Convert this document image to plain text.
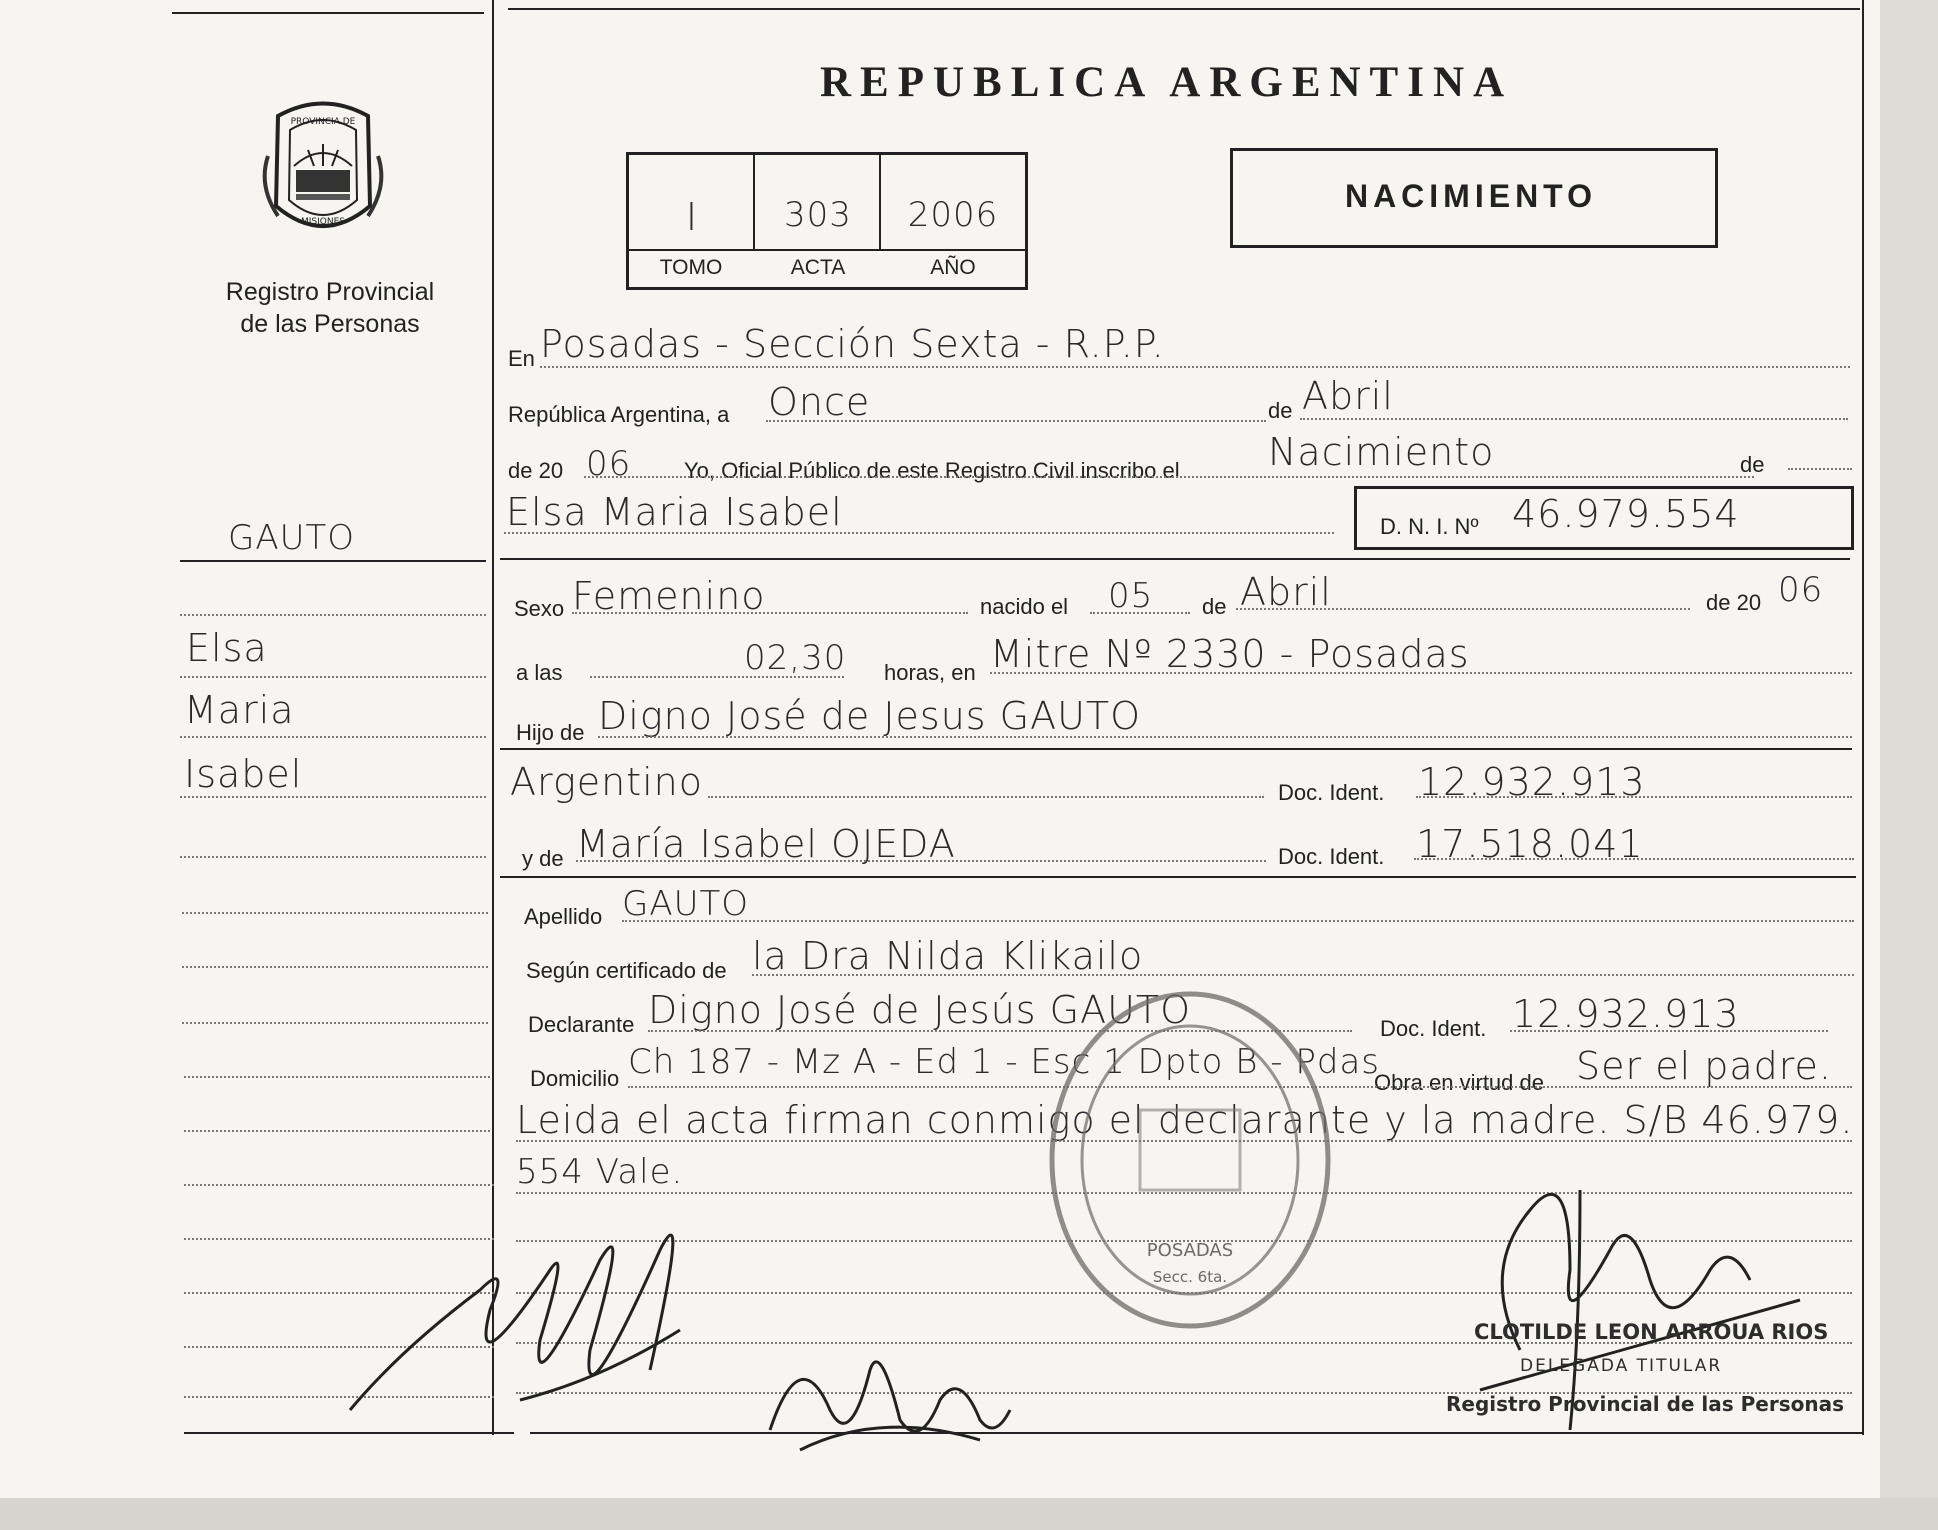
REPUBLICA ARGENTINA
PROVINCIA DE
MISIONES
Registro Provincial
de las Personas
I	303	2006
TOMO	ACTA	AÑO
NACIMIENTO
GAUTO
Elsa
Maria
Isabel
En Posadas - Sección Sexta - R.P.P.
República Argentina, a Once	de Abril
de 20 06 Yo, Oficial Público de este Registro Civil inscribo el Nacimiento	de
Elsa Maria Isabel	D. N. I. Nº 46.979.554
Sexo Femenino	nacido el 05 de Abril	de 20 06
a las	02,30 horas, en Mitre Nº 2330 - Posadas
Hijo de Digno José de Jesus GAUTO
Argentino	Doc. Ident. 12.932.913
y de María Isabel OJEDA	Doc. Ident. 17.518.041
Apellido GAUTO
Según certificado de la Dra Nilda Klikailo
Declarante Digno José de Jesús GAUTO	Doc. Ident. 12.932.913
Domicilio Ch 187 - Mz A - Ed 1 - Esc 1 Dpto B - Pdas
Obra en virtud de Ser el padre.
Leida el acta firman conmigo el declarante y la madre. S/B 46.979.
554 Vale.
POSADAS
Secc. 6ta.
CLOTILDE LEON ARROUA RIOS
DELEGADA TITULAR
Registro Provincial de las Personas
